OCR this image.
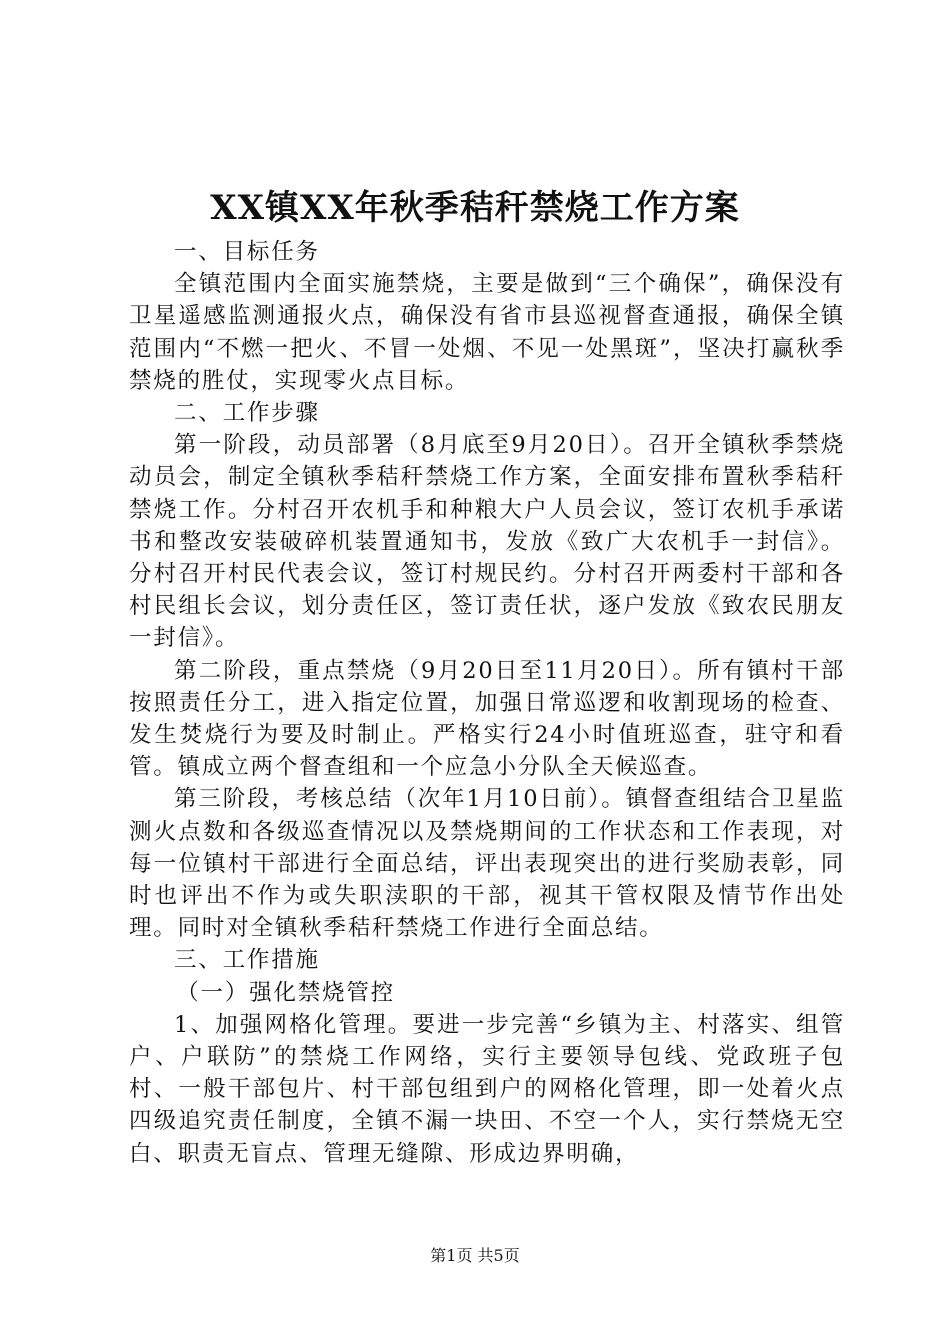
XX镇XX年秋季秸秆禁烧工作方案

一、目标任务

全镇范围内全面实施禁烧，主要是做到“三个确保”，确保没有卫星遥感监测通报火点，确保没有省市县巡视督查通报，确保全镇范围内“不燃一把火、不冒一处烟、不见一处黑斑”，坚决打赢秋季禁烧的胜仗，实现零火点目标。

二、工作步骤

第一阶段，动员部署（8月底至9月20日）。召开全镇秋季禁烧动员会，制定全镇秋季秸秆禁烧工作方案，全面安排布置秋季秸秆禁烧工作。分村召开农机手和种粮大户人员会议，签订农机手承诺书和整改安装破碎机装置通知书，发放《致广大农机手一封信》。分村召开村民代表会议，签订村规民约。分村召开两委村干部和各村民组长会议，划分责任区，签订责任状，逐户发放《致农民朋友一封信》。

第二阶段，重点禁烧（9月20日至11月20日）。所有镇村干部按照责任分工，进入指定位置，加强日常巡逻和收割现场的检查、发生焚烧行为要及时制止。严格实行24小时值班巡查，驻守和看管。镇成立两个督查组和一个应急小分队全天候巡查。

第三阶段，考核总结（次年1月10日前）。镇督查组结合卫星监测火点数和各级巡查情况以及禁烧期间的工作状态和工作表现，对每一位镇村干部进行全面总结，评出表现突出的进行奖励表彰，同时也评出不作为或失职渎职的干部，视其干管权限及情节作出处理。同时对全镇秋季秸秆禁烧工作进行全面总结。

三、工作措施

（一）强化禁烧管控

1、加强网格化管理。要进一步完善“乡镇为主、村落实、组管户、户联防”的禁烧工作网络，实行主要领导包线、党政班子包村、一般干部包片、村干部包组到户的网格化管理，即一处着火点四级追究责任制度，全镇不漏一块田、不空一个人，实行禁烧无空白、职责无盲点、管理无缝隙、形成边界明确，

第1页 共5页
